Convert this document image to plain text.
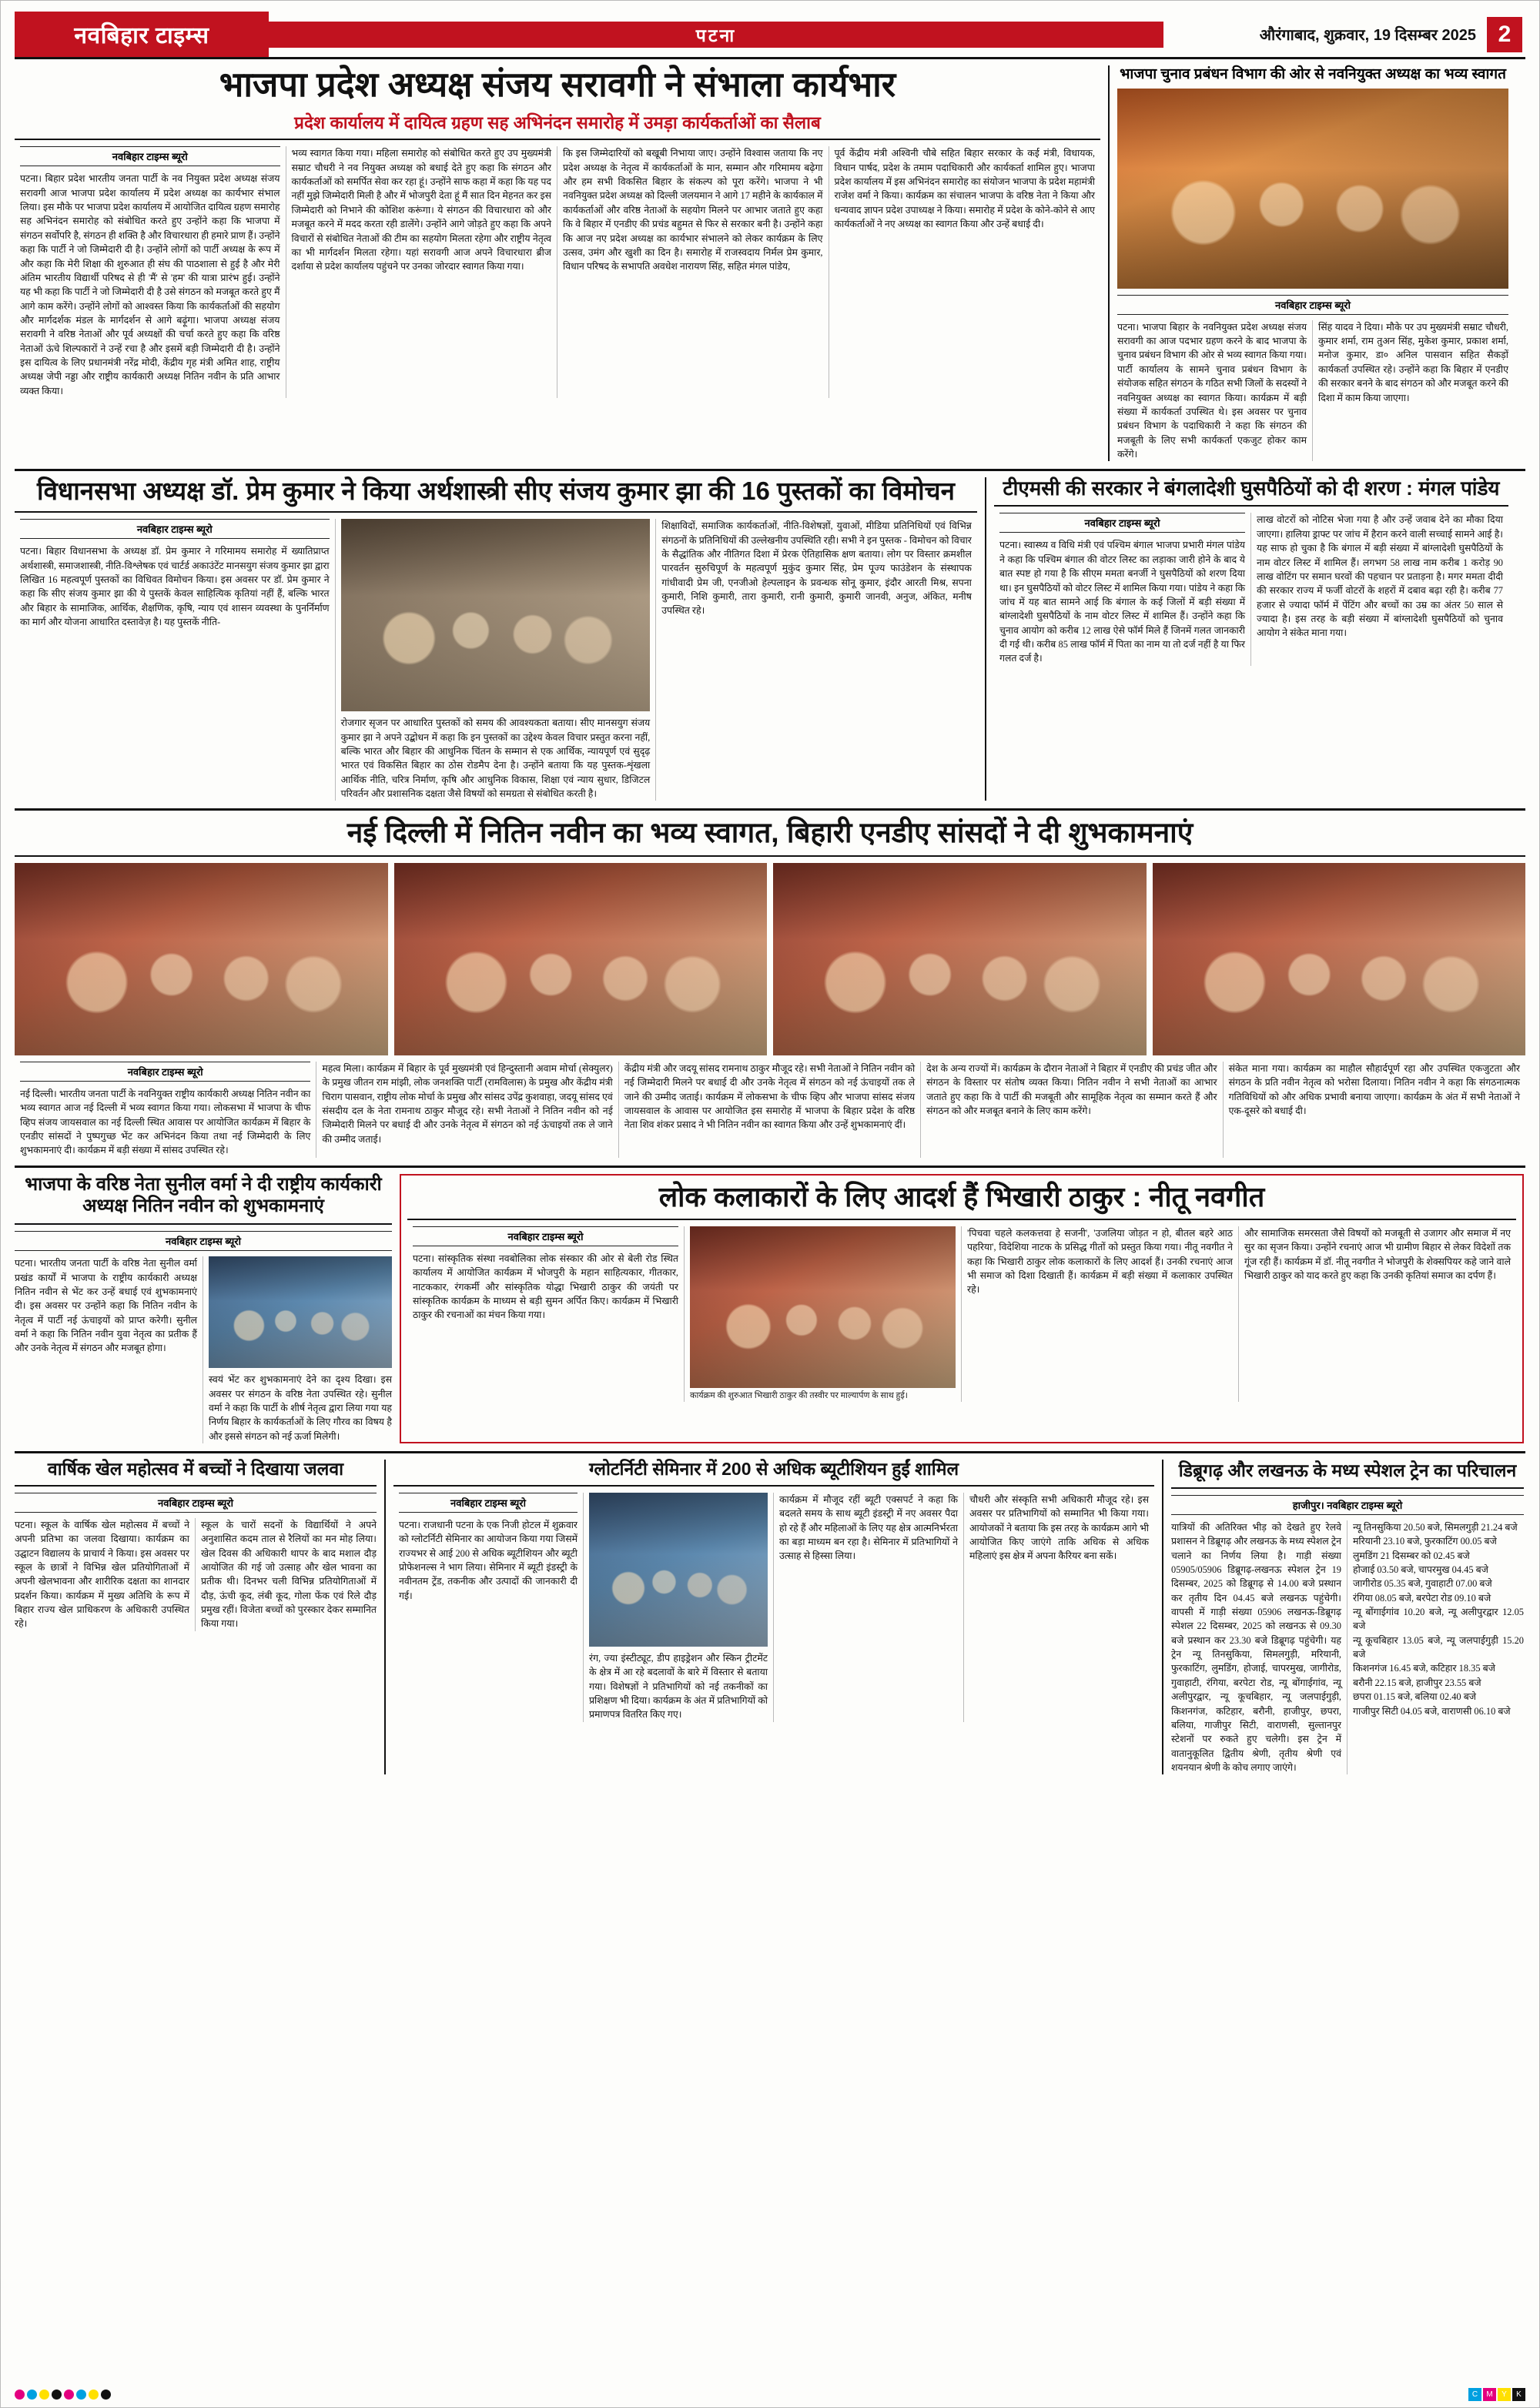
नवबिहार टाइम्स	पटना	औरंगाबाद, शुक्रवार, 19 दिसम्बर 2025 2
भाजपा प्रदेश अध्यक्ष संजय सरावगी ने संभाला कार्यभार
प्रदेश कार्यालय में दायित्व ग्रहण सह अभिनंदन समारोह में उमड़ा कार्यकर्ताओं का सैलाब
नवबिहार टाइम्स ब्यूरो
पटना। बिहार प्रदेश भारतीय जनता पार्टी के नव नियुक्त प्रदेश अध्यक्ष संजय सरावगी आज भाजपा प्रदेश कार्यालय में प्रदेश अध्यक्ष का कार्यभार संभाल लिया। इस मौके पर भाजपा प्रदेश कार्यालय में आयोजित दायित्व ग्रहण समारोह सह अभिनंदन समारोह को संबोधित करते हुए उन्होंने कहा कि भाजपा में संगठन सर्वोपरि है, संगठन ही शक्ति है और विचारधारा ही हमारे प्राण हैं। उन्होंने कहा कि पार्टी ने जो जिम्मेदारी दी है। उन्होंने लोगों को पार्टी अध्यक्ष के रूप में और कहा कि मेरी शिक्षा की शुरुआत ही संघ की पाठशाला से हुई है और मेरी अंतिम भारतीय विद्यार्थी परिषद से ही 'मैं' से 'हम' की यात्रा प्रारंभ हुई। उन्होंने यह भी कहा कि पार्टी ने जो जिम्मेदारी दी है उसे संगठन को मजबूत करते हुए मैं आगे काम करेंगे। उन्होंने लोगों को आश्वस्त किया कि कार्यकर्ताओं की सहयोग और मार्गदर्शक मंडल के मार्गदर्शन से आगे बढ़ूंगा। भाजपा अध्यक्ष संजय सरावगी ने वरिष्ठ नेताओं और पूर्व अध्यक्षों की चर्चा करते हुए कहा कि वरिष्ठ नेताओं ऊंचे शिल्पकारों ने उन्हें रचा है और इसमें बड़ी जिम्मेदारी दी है। उन्होंने इस दायित्व के लिए प्रधानमंत्री नरेंद्र मोदी, केंद्रीय गृह मंत्री अमित शाह, राष्ट्रीय अध्यक्ष जेपी नड्डा और राष्ट्रीय कार्यकारी अध्यक्ष नितिन नवीन के प्रति आभार व्यक्त किया।
भव्य स्वागत किया गया। महिला समारोह को संबोधित करते हुए उप मुख्यमंत्री सम्राट चौधरी ने नव नियुक्त अध्यक्ष को बधाई देते हुए कहा कि संगठन और कार्यकर्ताओं को समर्पित सेवा कर रहा हूं। उन्होंने साफ कहा में कहा कि यह पद नहीं मुझे जिम्मेदारी मिली है और में भोजपुरी देता हूं मैं सात दिन मेहनत कर इस जिम्मेदारी को निभाने की कोशिश करूंगा। ये संगठन की विचारधारा को और मजबूत करने में मदद करता रही डालेंगे। उन्होंने आगे जोड़ते हुए कहा कि अपने विचारों से संबोधित नेताओं की टीम का सहयोग मिलता रहेगा और राष्ट्रीय नेतृत्व का भी मार्गदर्शन मिलता रहेगा। यहां सरावगी आज अपने विचारधारा ब्रीज दर्शाया से प्रदेश कार्यालय पहुंचने पर उनका जोरदार स्वागत किया गया।
कि इस जिम्मेदारियों को बखूबी निभाया जाए। उन्होंने विश्वास जताया कि नए प्रदेश अध्यक्ष के नेतृत्व में कार्यकर्ताओं के मान, सम्मान और गरिमामय बढ़ेगा और हम सभी विकसित बिहार के संकल्प को पूरा करेंगे। भाजपा ने भी नवनियुक्त प्रदेश अध्यक्ष को दिल्ली जलयमान ने आगे 17 महीने के कार्यकाल में कार्यकर्ताओं और वरिष्ठ नेताओं के सहयोग मिलने पर आभार जताते हुए कहा कि वे बिहार में एनडीए की प्रचंड बहुमत से फिर से सरकार बनी है। उन्होंने कहा कि आज नए प्रदेश अध्यक्ष का कार्यभार संभालने को लेकर कार्यक्रम के लिए उत्सव, उमंग और खुशी का दिन है। समारोह में राजस्वदाय निर्मल प्रेम कुमार, विधान परिषद के सभापति अवधेश नारायण सिंह, सहित मंगल पांडेय,
पूर्व केंद्रीय मंत्री अश्विनी चौबे सहित बिहार सरकार के कई मंत्री, विधायक, विधान पार्षद, प्रदेश के तमाम पदाधिकारी और कार्यकर्ता शामिल हुए। भाजपा प्रदेश कार्यालय में इस अभिनंदन समारोह का संयोजन भाजपा के प्रदेश महामंत्री राजेश वर्मा ने किया। कार्यक्रम का संचालन भाजपा के वरिष्ठ नेता ने किया और धन्यवाद ज्ञापन प्रदेश उपाध्यक्ष ने किया। समारोह में प्रदेश के कोने-कोने से आए कार्यकर्ताओं ने नए अध्यक्ष का स्वागत किया और उन्हें बधाई दी।
भाजपा चुनाव प्रबंधन विभाग की ओर से नवनियुक्त अध्यक्ष का भव्य स्वागत
नवबिहार टाइम्स ब्यूरो
पटना। भाजपा बिहार के नवनियुक्त प्रदेश अध्यक्ष संजय सरावगी का आज पदभार ग्रहण करने के बाद भाजपा के चुनाव प्रबंधन विभाग की ओर से भव्य स्वागत किया गया। पार्टी कार्यालय के सामने चुनाव प्रबंधन विभाग के संयोजक सहित संगठन के गठित सभी जिलों के सदस्यों ने नवनियुक्त अध्यक्ष का स्वागत किया। कार्यक्रम में बड़ी संख्या में कार्यकर्ता उपस्थित थे। इस अवसर पर चुनाव प्रबंधन विभाग के पदाधिकारी ने कहा कि संगठन की मजबूती के लिए सभी कार्यकर्ता एकजुट होकर काम करेंगे।
सिंह यादव ने दिया। मौके पर उप मुख्यमंत्री सम्राट चौधरी, कुमार शर्मा, राम तुअन सिंह, मुकेश कुमार, प्रकाश शर्मा, मनोज कुमार, डा० अनिल पासवान सहित सैकड़ों कार्यकर्ता उपस्थित रहे। उन्होंने कहा कि बिहार में एनडीए की सरकार बनने के बाद संगठन को और मजबूत करने की दिशा में काम किया जाएगा।
विधानसभा अध्यक्ष डॉ. प्रेम कुमार ने किया अर्थशास्त्री सीए संजय कुमार झा की 16 पुस्तकों का विमोचन
नवबिहार टाइम्स ब्यूरो
पटना। बिहार विधानसभा के अध्यक्ष डॉ. प्रेम कुमार ने गरिमामय समारोह में ख्यातिप्राप्त अर्थशास्त्री, समाजशास्त्री, नीति-विश्लेषक एवं चार्टर्ड अकाउंटेंट मानसयुग संजय कुमार झा द्वारा लिखित 16 महत्वपूर्ण पुस्तकों का विधिवत विमोचन किया। इस अवसर पर डॉ. प्रेम कुमार ने कहा कि सीए संजय कुमार झा की ये पुस्तकें केवल साहित्यिक कृतियां नहीं हैं, बल्कि भारत और बिहार के सामाजिक, आर्थिक, शैक्षणिक, कृषि, न्याय एवं शासन व्यवस्था के पुनर्निर्माण का मार्ग और योजना आधारित दस्तावेज़ है। यह पुस्तकें नीति-
रोजगार सृजन पर आधारित पुस्तकों को समय की आवश्यकता बताया। सीए मानसयुग संजय कुमार झा ने अपने उद्बोधन में कहा कि इन पुस्तकों का उद्देश्य केवल विचार प्रस्तुत करना नहीं, बल्कि भारत और बिहार की आधुनिक चिंतन के सम्मान से एक आर्थिक, न्यायपूर्ण एवं सुदृढ़ भारत एवं विकसित बिहार का ठोस रोडमैप देना है। उन्होंने बताया कि यह पुस्तक-शृंखला आर्थिक नीति, चरित्र निर्माण, कृषि और आधुनिक विकास, शिक्षा एवं न्याय सुधार, डिजिटल परिवर्तन और प्रशासनिक दक्षता जैसे विषयों को समग्रता से संबोधित करती है।
शिक्षाविदों, समाजिक कार्यकर्ताओं, नीति-विशेषज्ञों, युवाओं, मीडिया प्रतिनिधियों एवं विभिन्न संगठनों के प्रतिनिधियों की उल्लेखनीय उपस्थिति रही। सभी ने इन पुस्तक - विमोचन को विचार के सैद्धांतिक और नीतिगत दिशा में प्रेरक ऐतिहासिक क्षण बताया। लोग पर विस्तार क्रमशील पारवर्तन सुरुचिपूर्ण के महत्वपूर्ण मुकुंद कुमार सिंह, प्रेम पूज्य फाउंडेशन के संस्थापक गांधीवादी प्रेम जी, एनजीओ हेल्पलाइन के प्रवन्धक सोनू कुमार, इंदौर आरती मिश्र, सपना कुमारी, निशि कुमारी, तारा कुमारी, रानी कुमारी, कुमारी जानवी, अनुज, अंकित, मनीष उपस्थित रहे।
टीएमसी की सरकार ने बंगलादेशी घुसपैठियों को दी शरण : मंगल पांडेय
नवबिहार टाइम्स ब्यूरो
पटना। स्वास्थ्य व विधि मंत्री एवं पश्चिम बंगाल भाजपा प्रभारी मंगल पांडेय ने कहा कि पश्चिम बंगाल की वोटर लिस्ट का लड़ाका जारी होने के बाद ये बात स्पष्ट हो गया है कि सीएम ममता बनर्जी ने घुसपैठियों को शरण दिया था। इन घुसपैठियों को वोटर लिस्ट में शामिल किया गया। पांडेय ने कहा कि जांच में यह बात सामने आई कि बंगाल के कई जिलों में बड़ी संख्या में बांग्लादेशी घुसपैठियों के नाम वोटर लिस्ट में शामिल हैं। उन्होंने कहा कि चुनाव आयोग को करीब 12 लाख ऐसे फॉर्म मिले हैं जिनमें गलत जानकारी दी गई थी। करीब 85 लाख फॉर्म में पिता का नाम या तो दर्ज नहीं है या फिर गलत दर्ज है।
लाख वोटरों को नोटिस भेजा गया है और उन्हें जवाब देने का मौका दिया जाएगा। हालिया ड्राफ्ट पर जांच में हैरान करने वाली सच्चाई सामने आई है। यह साफ हो चुका है कि बंगाल में बड़ी संख्या में बांग्लादेशी घुसपैठियों के नाम वोटर लिस्ट में शामिल हैं। लगभग 58 लाख नाम करीब 1 करोड़ 90 लाख वोटिंग पर समान घरवों की पहचान पर प्रताड़ना है। मगर ममता दीदी की सरकार राज्य में फर्जी वोटरों के शहरों में दबाव बढ़ा रही है। करीब 77 हजार से ज्यादा फॉर्म में पेंटिंग और बच्चों का उम्र का अंतर 50 साल से ज्यादा है। इस तरह के बड़ी संख्या में बांग्लादेशी घुसपैठियों को चुनाव आयोग ने संकेत माना गया।
नई दिल्ली में नितिन नवीन का भव्य स्वागत, बिहारी एनडीए सांसदों ने दी शुभकामनाएं
नवबिहार टाइम्स ब्यूरो
नई दिल्ली। भारतीय जनता पार्टी के नवनियुक्त राष्ट्रीय कार्यकारी अध्यक्ष नितिन नवीन का भव्य स्वागत आज नई दिल्ली में भव्य स्वागत किया गया। लोकसभा में भाजपा के चीफ व्हिप संजय जायसवाल का नई दिल्ली स्थित आवास पर आयोजित कार्यक्रम में बिहार के एनडीए सांसदों ने पुष्पगुच्छ भेंट कर अभिनंदन किया तथा नई जिम्मेदारी के लिए शुभकामनाएं दी। कार्यक्रम में बड़ी संख्या में सांसद उपस्थित रहे।
महत्व मिला। कार्यक्रम में बिहार के पूर्व मुख्यमंत्री एवं हिन्दुस्तानी अवाम मोर्चा (सेक्युलर) के प्रमुख जीतन राम मांझी, लोक जनशक्ति पार्टी (रामविलास) के प्रमुख और केंद्रीय मंत्री चिराग पासवान, राष्ट्रीय लोक मोर्चा के प्रमुख और सांसद उपेंद्र कुशवाहा, जदयू सांसद एवं संसदीय दल के नेता रामनाथ ठाकुर मौजूद रहे। सभी नेताओं ने नितिन नवीन को नई जिम्मेदारी मिलने पर बधाई दी और उनके नेतृत्व में संगठन को नई ऊंचाइयों तक ले जाने की उम्मीद जताई।
केंद्रीय मंत्री और जदयू सांसद रामनाथ ठाकुर मौजूद रहे। सभी नेताओं ने नितिन नवीन को नई जिम्मेदारी मिलने पर बधाई दी और उनके नेतृत्व में संगठन को नई ऊंचाइयों तक ले जाने की उम्मीद जताई। कार्यक्रम में लोकसभा के चीफ व्हिप और भाजपा सांसद संजय जायसवाल के आवास पर आयोजित इस समारोह में भाजपा के बिहार प्रदेश के वरिष्ठ नेता शिव शंकर प्रसाद ने भी नितिन नवीन का स्वागत किया और उन्हें शुभकामनाएं दीं।
देश के अन्य राज्यों में। कार्यक्रम के दौरान नेताओं ने बिहार में एनडीए की प्रचंड जीत और संगठन के विस्तार पर संतोष व्यक्त किया। नितिन नवीन ने सभी नेताओं का आभार जताते हुए कहा कि वे पार्टी की मजबूती और सामूहिक नेतृत्व का सम्मान करते हैं और संगठन को और मजबूत बनाने के लिए काम करेंगे।
संकेत माना गया। कार्यक्रम का माहौल सौहार्दपूर्ण रहा और उपस्थित एकजुटता और संगठन के प्रति नवीन नेतृत्व को भरोसा दिलाया। नितिन नवीन ने कहा कि संगठनात्मक गतिविधियों को और अधिक प्रभावी बनाया जाएगा। कार्यक्रम के अंत में सभी नेताओं ने एक-दूसरे को बधाई दी।
भाजपा के वरिष्ठ नेता सुनील वर्मा ने दी राष्ट्रीय कार्यकारी अध्यक्ष नितिन नवीन को शुभकामनाएं
नवबिहार टाइम्स ब्यूरो
पटना। भारतीय जनता पार्टी के वरिष्ठ नेता सुनील वर्मा प्रखंड कार्यों में भाजपा के राष्ट्रीय कार्यकारी अध्यक्ष नितिन नवीन से भेंट कर उन्हें बधाई एवं शुभकामनाएं दी। इस अवसर पर उन्होंने कहा कि नितिन नवीन के नेतृत्व में पार्टी नई ऊंचाइयों को प्राप्त करेगी। सुनील वर्मा ने कहा कि नितिन नवीन युवा नेतृत्व का प्रतीक हैं और उनके नेतृत्व में संगठन और मजबूत होगा।
स्वयं भेंट कर शुभकामनाएं देने का दृश्य दिखा। इस अवसर पर संगठन के वरिष्ठ नेता उपस्थित रहे। सुनील वर्मा ने कहा कि पार्टी के शीर्ष नेतृत्व द्वारा लिया गया यह निर्णय बिहार के कार्यकर्ताओं के लिए गौरव का विषय है और इससे संगठन को नई ऊर्जा मिलेगी।
लोक कलाकारों के लिए आदर्श हैं भिखारी ठाकुर : नीतू नवगीत
नवबिहार टाइम्स ब्यूरो
पटना। सांस्कृतिक संस्था नवबोलिका लोक संस्कार की ओर से बेली रोड स्थित कार्यालय में आयोजित कार्यक्रम में भोजपुरी के महान साहित्यकार, गीतकार, नाटककार, रंगकर्मी और सांस्कृतिक योद्धा भिखारी ठाकुर की जयंती पर सांस्कृतिक कार्यक्रम के माध्यम से बड़ी सुमन अर्पित किए। कार्यक्रम में भिखारी ठाकुर की रचनाओं का मंचन किया गया।
कार्यक्रम की शुरुआत भिखारी ठाकुर की तस्वीर पर माल्यार्पण के साथ हुई।
'पिचवा चहले कलकत्तवा हे सजनी', 'उजलिया जोड़त न हो, बीतल बहरे आठ पहरिया', विदेशिया नाटक के प्रसिद्ध गीतों को प्रस्तुत किया गया। नीतू नवगीत ने कहा कि भिखारी ठाकुर लोक कलाकारों के लिए आदर्श हैं। उनकी रचनाएं आज भी समाज को दिशा दिखाती हैं। कार्यक्रम में बड़ी संख्या में कलाकार उपस्थित रहे।
और सामाजिक समरसता जैसे विषयों को मजबूती से उजागर और समाज में नए सुर का सृजन किया। उन्होंने रचनाएं आज भी ग्रामीण बिहार से लेकर विदेशों तक गूंज रही हैं। कार्यक्रम में डॉ. नीतू नवगीत ने भोजपुरी के शेक्सपियर कहे जाने वाले भिखारी ठाकुर को याद करते हुए कहा कि उनकी कृतियां समाज का दर्पण हैं।
वार्षिक खेल महोत्सव में बच्चों ने दिखाया जलवा
नवबिहार टाइम्स ब्यूरो
पटना। स्कूल के वार्षिक खेल महोत्सव में बच्चों ने अपनी प्रतिभा का जलवा दिखाया। कार्यक्रम का उद्घाटन विद्यालय के प्राचार्य ने किया। इस अवसर पर स्कूल के छात्रों ने विभिन्न खेल प्रतियोगिताओं में अपनी खेलभावना और शारीरिक दक्षता का शानदार प्रदर्शन किया। कार्यक्रम में मुख्य अतिथि के रूप में बिहार राज्य खेल प्राधिकरण के अधिकारी उपस्थित रहे।
स्कूल के चारों सदनों के विद्यार्थियों ने अपने अनुशासित कदम ताल से रैलियों का मन मोह लिया। खेल दिवस की अधिकारी थापर के बाद मशाल दौड़ आयोजित की गई जो उत्साह और खेल भावना का प्रतीक थी। दिनभर चली विभिन्न प्रतियोगिताओं में दौड़, ऊंची कूद, लंबी कूद, गोला फेंक एवं रिले दौड़ प्रमुख रहीं। विजेता बच्चों को पुरस्कार देकर सम्मानित किया गया।
ग्लोटर्निटी सेमिनार में 200 से अधिक ब्यूटीशियन हुईं शामिल
नवबिहार टाइम्स ब्यूरो
पटना। राजधानी पटना के एक निजी होटल में शुक्रवार को ग्लोटर्निटी सेमिनार का आयोजन किया गया जिसमें राज्यभर से आई 200 से अधिक ब्यूटीशियन और ब्यूटी प्रोफेशनल्स ने भाग लिया। सेमिनार में ब्यूटी इंडस्ट्री के नवीनतम ट्रेंड, तकनीक और उत्पादों की जानकारी दी गई।
रंग, ज्या इंस्टीट्यूट, डीप हाइड्रेशन और स्किन ट्रीटमेंट के क्षेत्र में आ रहे बदलावों के बारे में विस्तार से बताया गया। विशेषज्ञों ने प्रतिभागियों को नई तकनीकों का प्रशिक्षण भी दिया। कार्यक्रम के अंत में प्रतिभागियों को प्रमाणपत्र वितरित किए गए।
कार्यक्रम में मौजूद रहीं ब्यूटी एक्सपर्ट ने कहा कि बदलते समय के साथ ब्यूटी इंडस्ट्री में नए अवसर पैदा हो रहे हैं और महिलाओं के लिए यह क्षेत्र आत्मनिर्भरता का बड़ा माध्यम बन रहा है। सेमिनार में प्रतिभागियों ने उत्साह से हिस्सा लिया।
चौधरी और संस्कृति सभी अधिकारी मौजूद रहे। इस अवसर पर प्रतिभागियों को सम्मानित भी किया गया। आयोजकों ने बताया कि इस तरह के कार्यक्रम आगे भी आयोजित किए जाएंगे ताकि अधिक से अधिक महिलाएं इस क्षेत्र में अपना कैरियर बना सकें।
डिब्रूगढ़ और लखनऊ के मध्य स्पेशल ट्रेन का परिचालन
हाजीपुर। नवबिहार टाइम्स ब्यूरो
यात्रियों की अतिरिक्त भीड़ को देखते हुए रेलवे प्रशासन ने डिब्रूगढ़ और लखनऊ के मध्य स्पेशल ट्रेन चलाने का निर्णय लिया है। गाड़ी संख्या 05905/05906 डिब्रूगढ़-लखनऊ स्पेशल ट्रेन 19 दिसम्बर, 2025 को डिब्रूगढ़ से 14.00 बजे प्रस्थान कर तृतीय दिन 04.45 बजे लखनऊ पहुंचेगी। वापसी में गाड़ी संख्या 05906 लखनऊ-डिब्रूगढ़ स्पेशल 22 दिसम्बर, 2025 को लखनऊ से 09.30 बजे प्रस्थान कर 23.30 बजे डिब्रूगढ़ पहुंचेगी। यह ट्रेन न्यू तिनसुकिया, सिमलगुड़ी, मरियानी, फुरकाटिंग, लुमडिंग, होजाई, चापरमुख, जागीरोड, गुवाहाटी, रंगिया, बरपेटा रोड, न्यू बोंगाईगांव, न्यू अलीपुरद्वार, न्यू कूचबिहार, न्यू जलपाईगुड़ी, किशनगंज, कटिहार, बरौनी, हाजीपुर, छपरा, बलिया, गाजीपुर सिटी, वाराणसी, सुल्तानपुर स्टेशनों पर रुकते हुए चलेगी। इस ट्रेन में वातानुकूलित द्वितीय श्रेणी, तृतीय श्रेणी एवं शयनयान श्रेणी के कोच लगाए जाएंगे।
न्यू तिनसुकिया 20.50 बजे, सिमलगुड़ी 21.24 बजे
मरियानी 23.10 बजे, फुरकाटिंग 00.05 बजे
लुमडिंग 21 दिसम्बर को 02.45 बजे
होजाई 03.50 बजे, चापरमुख 04.45 बजे
जागीरोड 05.35 बजे, गुवाहाटी 07.00 बजे
रंगिया 08.05 बजे, बरपेटा रोड 09.10 बजे
न्यू बोंगाईगांव 10.20 बजे, न्यू अलीपुरद्वार 12.05 बजे
न्यू कूचबिहार 13.05 बजे, न्यू जलपाईगुड़ी 15.20 बजे
किशनगंज 16.45 बजे, कटिहार 18.35 बजे
बरौनी 22.15 बजे, हाजीपुर 23.55 बजे
छपरा 01.15 बजे, बलिया 02.40 बजे
गाजीपुर सिटी 04.05 बजे, वाराणसी 06.10 बजे
C	M	Y	K
